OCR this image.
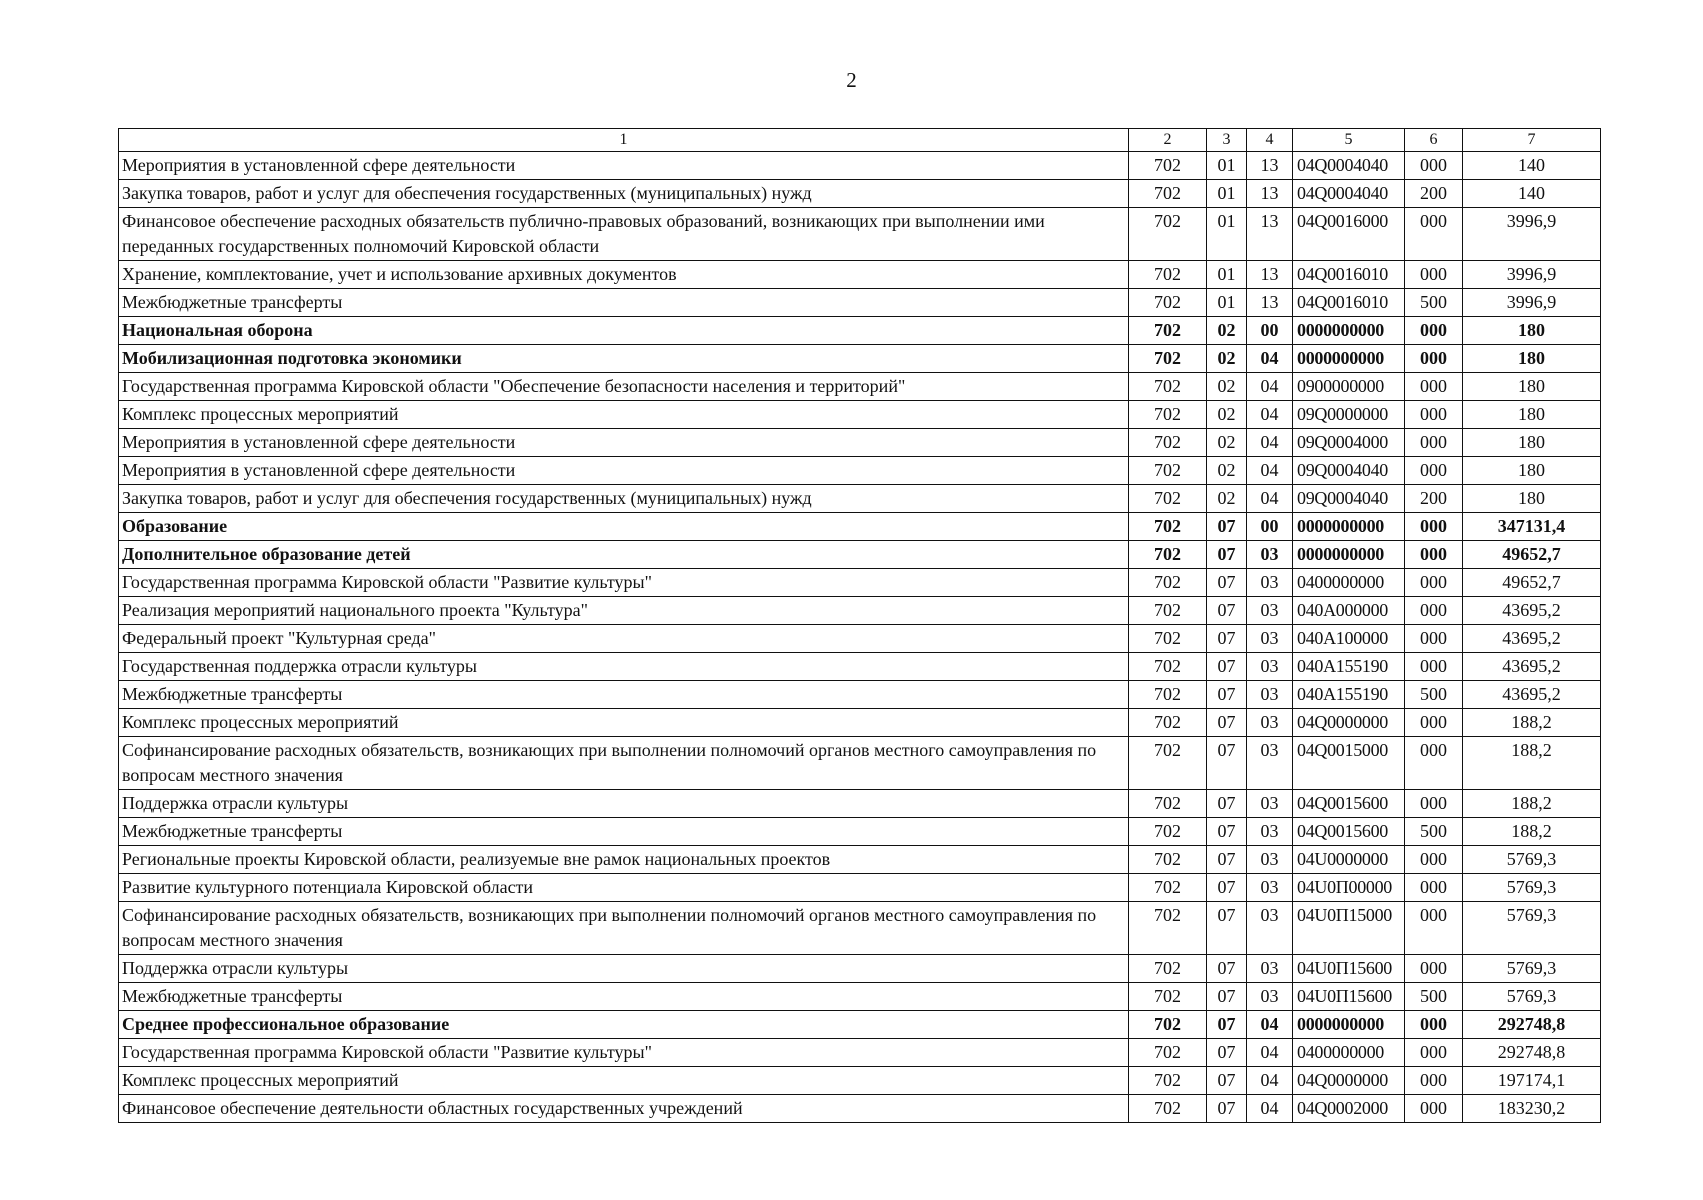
2
1	2	3	4	5	6	7
Мероприятия в установленной сфере деятельности	702	01	13	04Q0004040	000	140
Закупка товаров, работ и услуг для обеспечения государственных (муниципальных) нужд	702	01	13	04Q0004040	200	140
Финансовое обеспечение расходных обязательств публично-правовых образований, возникающих при выполнении ими переданных государственных полномочий Кировской области	702	01	13	04Q0016000	000	3996,9
Хранение, комплектование, учет и использование архивных документов	702	01	13	04Q0016010	000	3996,9
Межбюджетные трансферты	702	01	13	04Q0016010	500	3996,9
Национальная оборона	702	02	00	0000000000	000	180
Мобилизационная подготовка экономики	702	02	04	0000000000	000	180
Государственная программа Кировской области "Обеспечение безопасности населения и территорий"	702	02	04	0900000000	000	180
Комплекс процессных мероприятий	702	02	04	09Q0000000	000	180
Мероприятия в установленной сфере деятельности	702	02	04	09Q0004000	000	180
Мероприятия в установленной сфере деятельности	702	02	04	09Q0004040	000	180
Закупка товаров, работ и услуг для обеспечения государственных (муниципальных) нужд	702	02	04	09Q0004040	200	180
Образование	702	07	00	0000000000	000	347131,4
Дополнительное образование детей	702	07	03	0000000000	000	49652,7
Государственная программа Кировской области "Развитие культуры"	702	07	03	0400000000	000	49652,7
Реализация мероприятий национального проекта "Культура"	702	07	03	040A000000	000	43695,2
Федеральный проект "Культурная среда"	702	07	03	040A100000	000	43695,2
Государственная поддержка отрасли культуры	702	07	03	040A155190	000	43695,2
Межбюджетные трансферты	702	07	03	040A155190	500	43695,2
Комплекс процессных мероприятий	702	07	03	04Q0000000	000	188,2
Софинансирование расходных обязательств, возникающих при выполнении полномочий органов местного самоуправления по вопросам местного значения	702	07	03	04Q0015000	000	188,2
Поддержка отрасли культуры	702	07	03	04Q0015600	000	188,2
Межбюджетные трансферты	702	07	03	04Q0015600	500	188,2
Региональные проекты Кировской области, реализуемые вне рамок национальных проектов	702	07	03	04U0000000	000	5769,3
Развитие культурного потенциала Кировской области	702	07	03	04U0П00000	000	5769,3
Софинансирование расходных обязательств, возникающих при выполнении полномочий органов местного самоуправления по вопросам местного значения	702	07	03	04U0П15000	000	5769,3
Поддержка отрасли культуры	702	07	03	04U0П15600	000	5769,3
Межбюджетные трансферты	702	07	03	04U0П15600	500	5769,3
Среднее профессиональное образование	702	07	04	0000000000	000	292748,8
Государственная программа Кировской области "Развитие культуры"	702	07	04	0400000000	000	292748,8
Комплекс процессных мероприятий	702	07	04	04Q0000000	000	197174,1
Финансовое обеспечение деятельности областных государственных учреждений	702	07	04	04Q0002000	000	183230,2
